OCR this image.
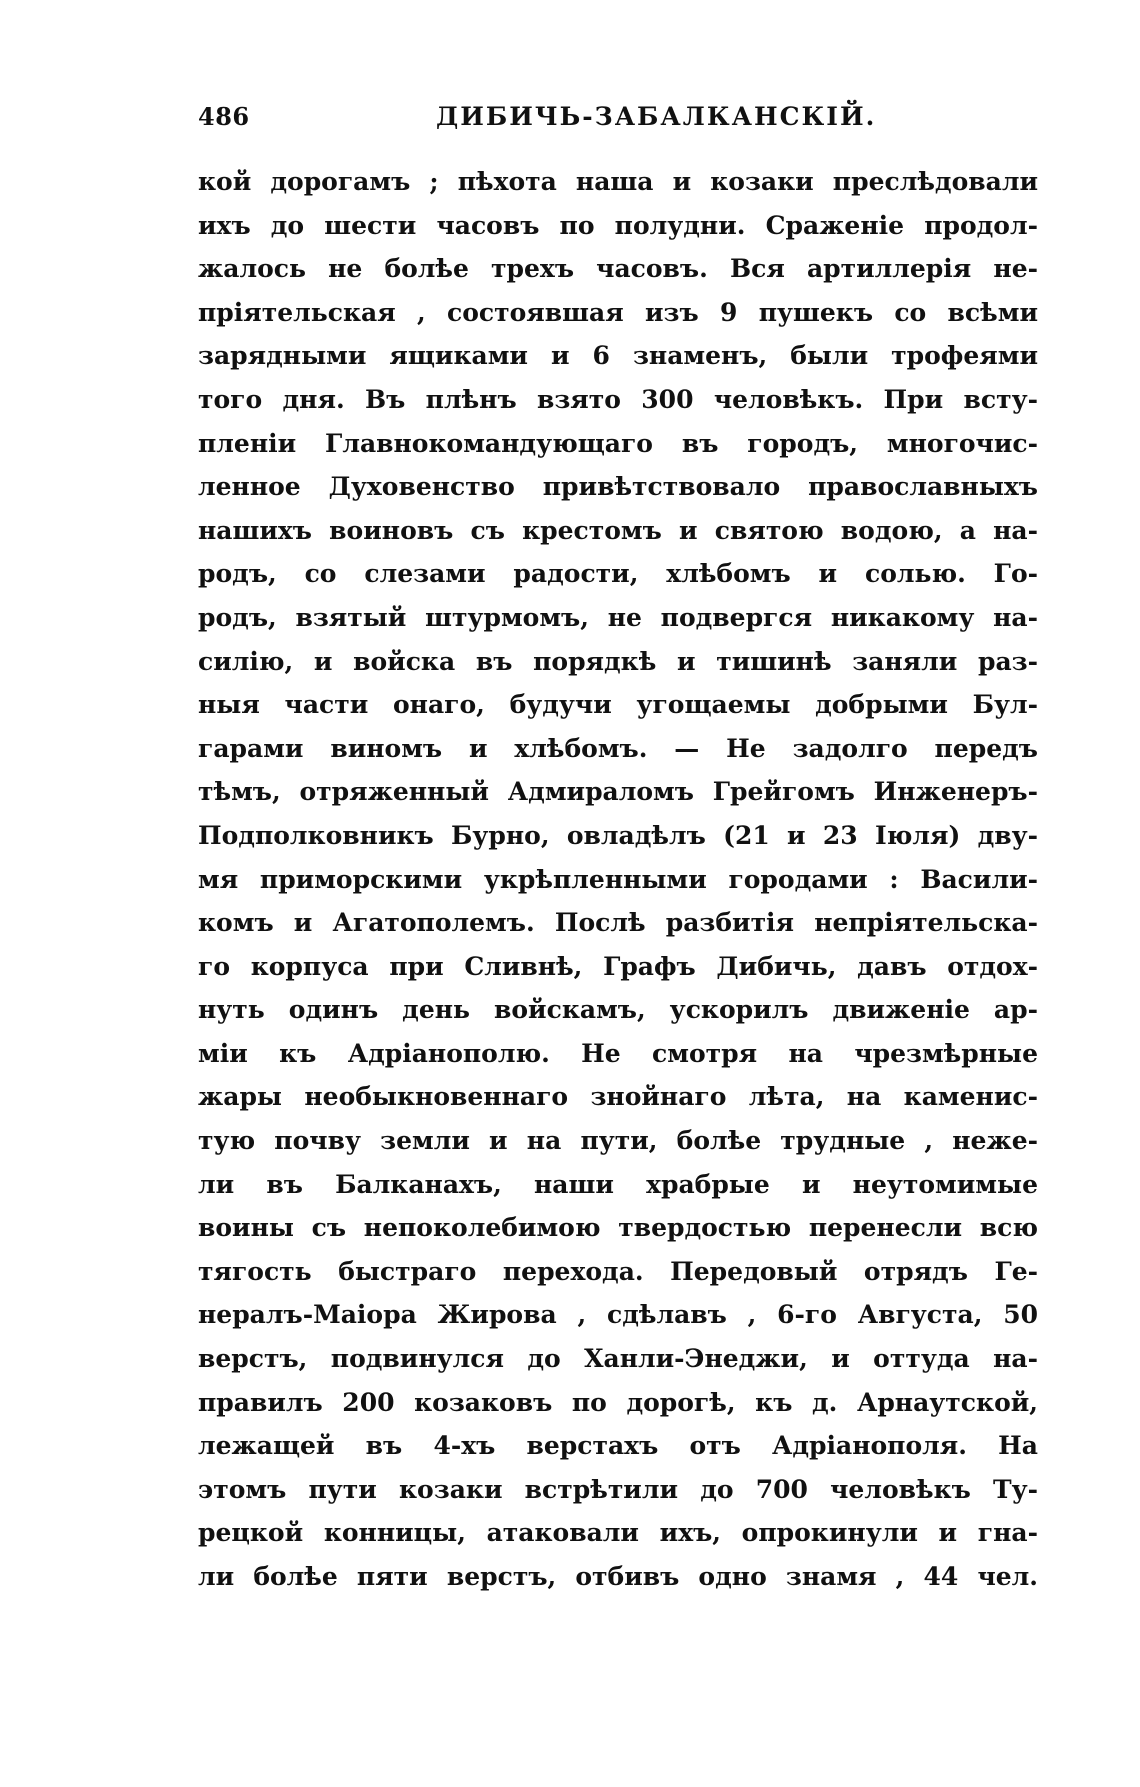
486	ДИБИЧЬ-ЗАБАЛКАНСКІЙ.
кой дорогамъ ; пѣхота наша и козаки преслѣдовали
ихъ до шести часовъ по полудни. Сраженіе продол-
жалось не болѣе трехъ часовъ. Вся артиллерія не-
пріятельская , состоявшая изъ 9 пушекъ со всѣми
зарядными ящиками и 6 знаменъ, были трофеями
того дня. Въ плѣнъ взято 300 человѣкъ. При всту-
пленіи Главнокомандующаго въ городъ, многочис-
ленное Духовенство привѣтствовало православныхъ
нашихъ воиновъ съ крестомъ и святою водою, а на-
родъ, со слезами радости, хлѣбомъ и солью. Го-
родъ, взятый штурмомъ, не подвергся никакому на-
силію, и войска въ порядкѣ и тишинѣ заняли раз-
ныя части онаго, будучи угощаемы добрыми Бул-
гарами виномъ и хлѣбомъ. — Не задолго передъ
тѣмъ, отряженный Адмираломъ Грейгомъ Инженеръ-
Подполковникъ Бурно, овладѣлъ (21 и 23 Іюля) дву-
мя приморскими укрѣпленными городами : Васили-
комъ и Агатополемъ. Послѣ разбитія непріятельска-
го корпуса при Сливнѣ, Графъ Дибичь, давъ отдох-
нуть одинъ день войскамъ, ускорилъ движеніе ар-
міи къ Адріанополю. Не смотря на чрезмѣрные
жары необыкновеннаго знойнаго лѣта, на каменис-
тую почву земли и на пути, болѣе трудные , неже-
ли въ Балканахъ, наши храбрые и неутомимые
воины съ непоколебимою твердостью перенесли всю
тягость быстраго перехода. Передовый отрядъ Ге-
нералъ-Маіора Жирова , сдѣлавъ , 6-го Августа, 50
верстъ, подвинулся до Ханли-Энеджи, и оттуда на-
правилъ 200 козаковъ по дорогѣ, къ д. Арнаутской,
лежащей въ 4-хъ верстахъ отъ Адріанополя. На
этомъ пути козаки встрѣтили до 700 человѣкъ Ту-
рецкой конницы, атаковали ихъ, опрокинули и гна-
ли болѣе пяти верстъ, отбивъ одно знамя , 44 чел.
